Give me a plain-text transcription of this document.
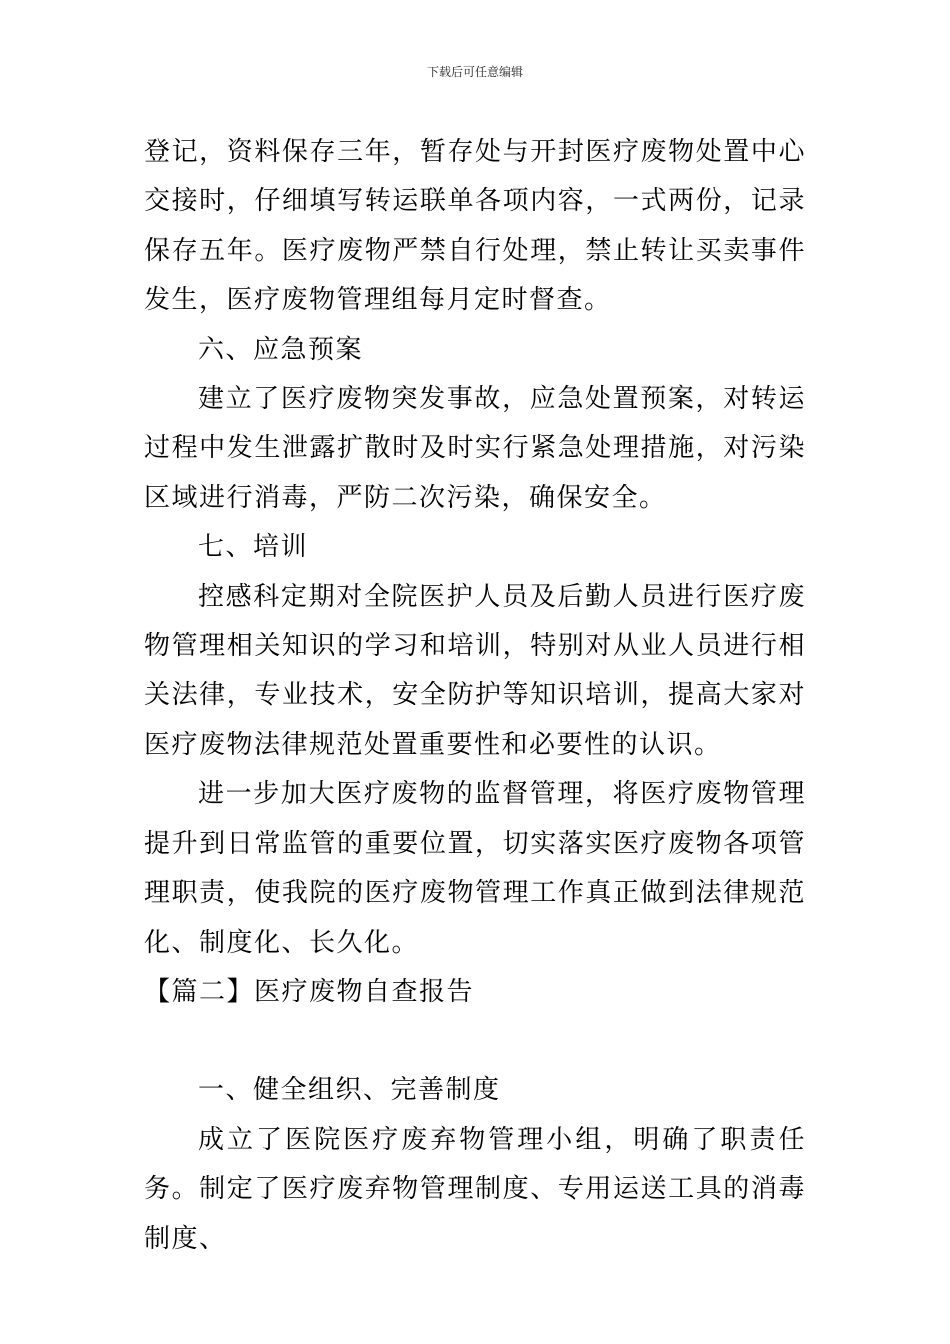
下载后可任意编辑

登记，资料保存三年，暂存处与开封医疗废物处置中心交接时，仔细填写转运联单各项内容，一式两份，记录保存五年。医疗废物严禁自行处理，禁止转让买卖事件发生，医疗废物管理组每月定时督查。

六、应急预案

建立了医疗废物突发事故，应急处置预案，对转运过程中发生泄露扩散时及时实行紧急处理措施，对污染区域进行消毒，严防二次污染，确保安全。

七、培训

控感科定期对全院医护人员及后勤人员进行医疗废物管理相关知识的学习和培训，特别对从业人员进行相关法律，专业技术，安全防护等知识培训，提高大家对医疗废物法律规范处置重要性和必要性的认识。

进一步加大医疗废物的监督管理，将医疗废物管理提升到日常监管的重要位置，切实落实医疗废物各项管理职责，使我院的医疗废物管理工作真正做到法律规范化、制度化、长久化。

【篇二】医疗废物自查报告

一、健全组织、完善制度

成立了医院医疗废弃物管理小组，明确了职责任务。制定了医疗废弃物管理制度、专用运送工具的消毒制度、
